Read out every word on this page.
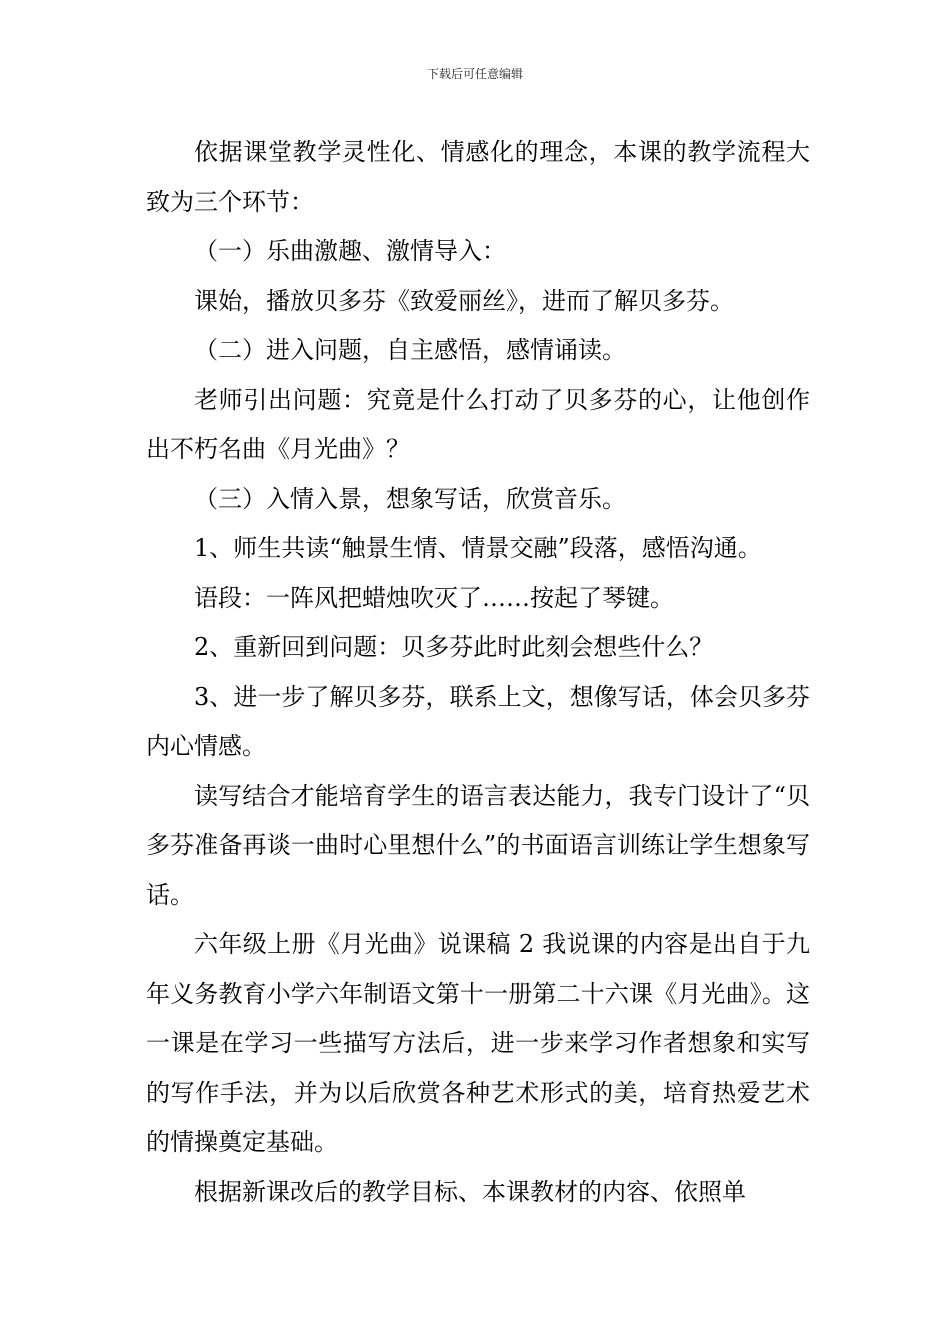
下载后可任意编辑

依据课堂教学灵性化、情感化的理念，本课的教学流程大致为三个环节：

（一）乐曲激趣、激情导入：

课始，播放贝多芬《致爱丽丝》，进而了解贝多芬。

（二）进入问题，自主感悟，感情诵读。

老师引出问题：究竟是什么打动了贝多芬的心，让他创作出不朽名曲《月光曲》？

（三）入情入景，想象写话，欣赏音乐。

1、师生共读“触景生情、情景交融”段落，感悟沟通。

语段：一阵风把蜡烛吹灭了……按起了琴键。

2、重新回到问题：贝多芬此时此刻会想些什么？

3、进一步了解贝多芬，联系上文，想像写话，体会贝多芬内心情感。

读写结合才能培育学生的语言表达能力，我专门设计了“贝多芬准备再谈一曲时心里想什么”的书面语言训练让学生想象写话。

六年级上册《月光曲》说课稿 2 我说课的内容是出自于九年义务教育小学六年制语文第十一册第二十六课《月光曲》。这一课是在学习一些描写方法后，进一步来学习作者想象和实写的写作手法，并为以后欣赏各种艺术形式的美，培育热爱艺术的情操奠定基础。

根据新课改后的教学目标、本课教材的内容、依照单
